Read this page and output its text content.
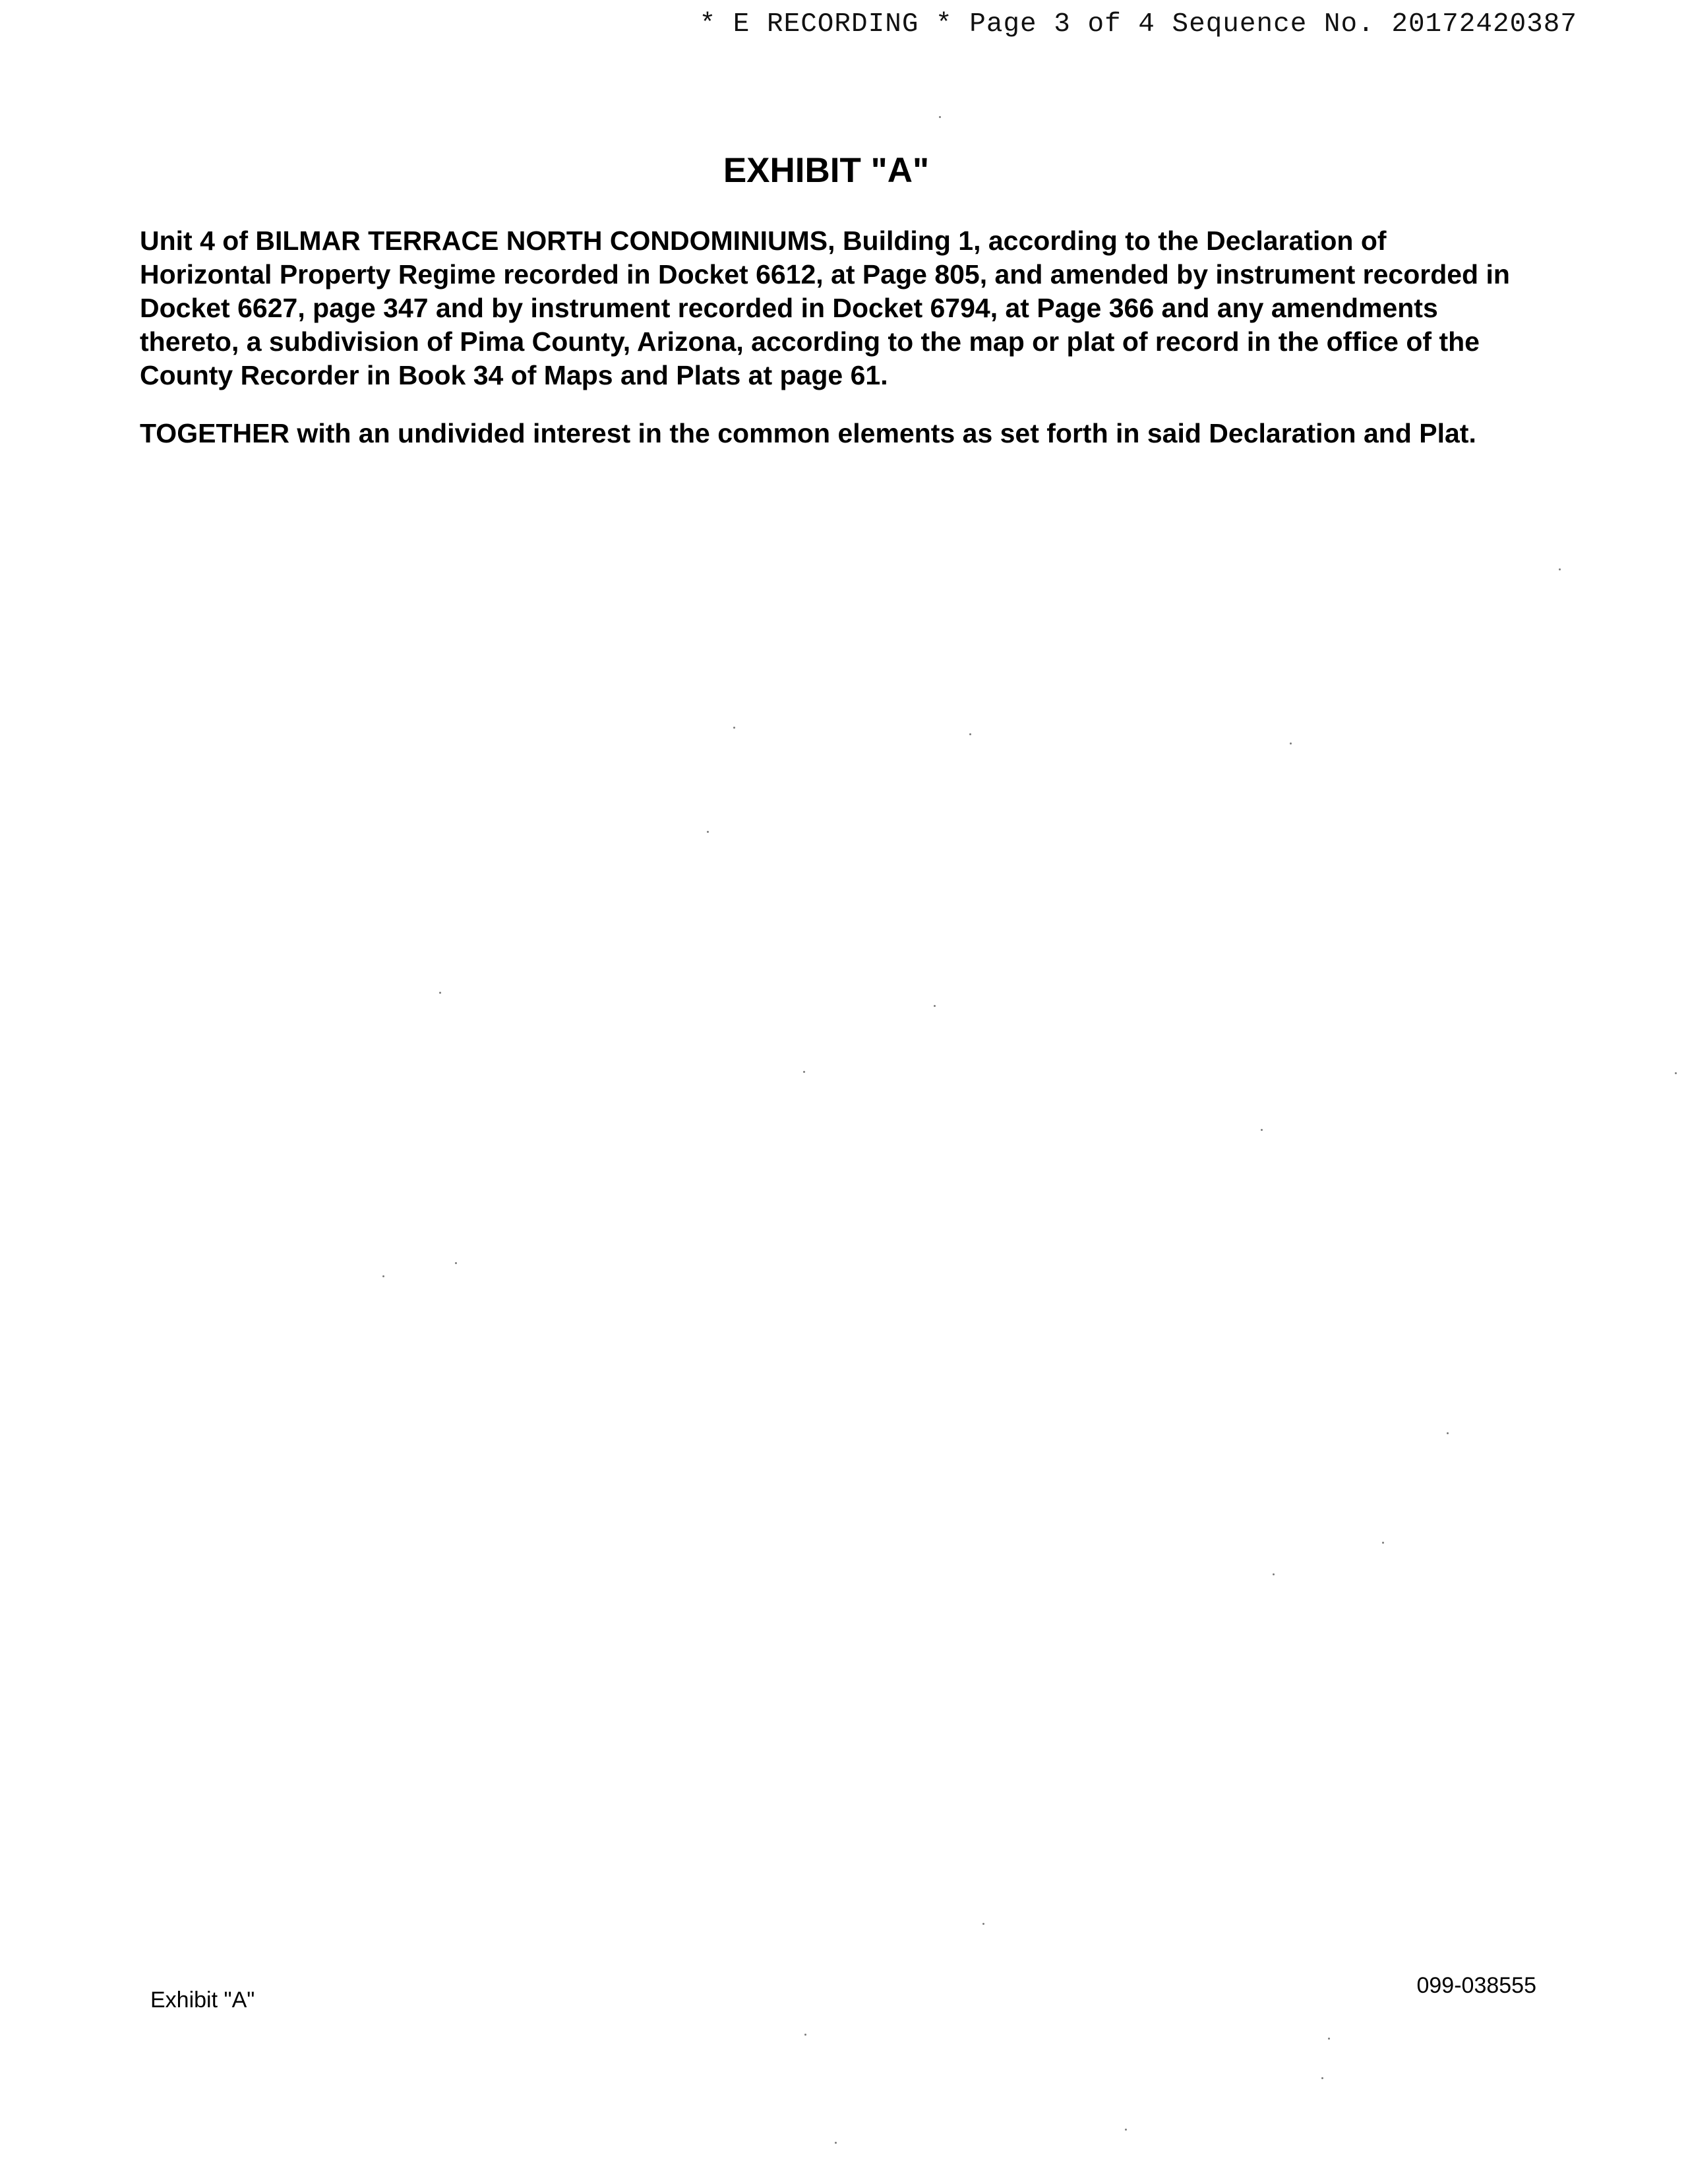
* E RECORDING * Page 3 of 4 Sequence No. 20172420387
EXHIBIT "A"

Unit 4 of BILMAR TERRACE NORTH CONDOMINIUMS, Building 1, according to the Declaration of Horizontal Property Regime recorded in Docket 6612, at Page 805, and amended by instrument recorded in Docket 6627, page 347 and by instrument recorded in Docket 6794, at Page 366 and any amendments thereto, a subdivision of Pima County, Arizona, according to the map or plat of record in the office of the County Recorder in Book 34 of Maps and Plats at page 61.

TOGETHER with an undivided interest in the common elements as set forth in said Declaration and Plat.

Exhibit "A"
099-038555
